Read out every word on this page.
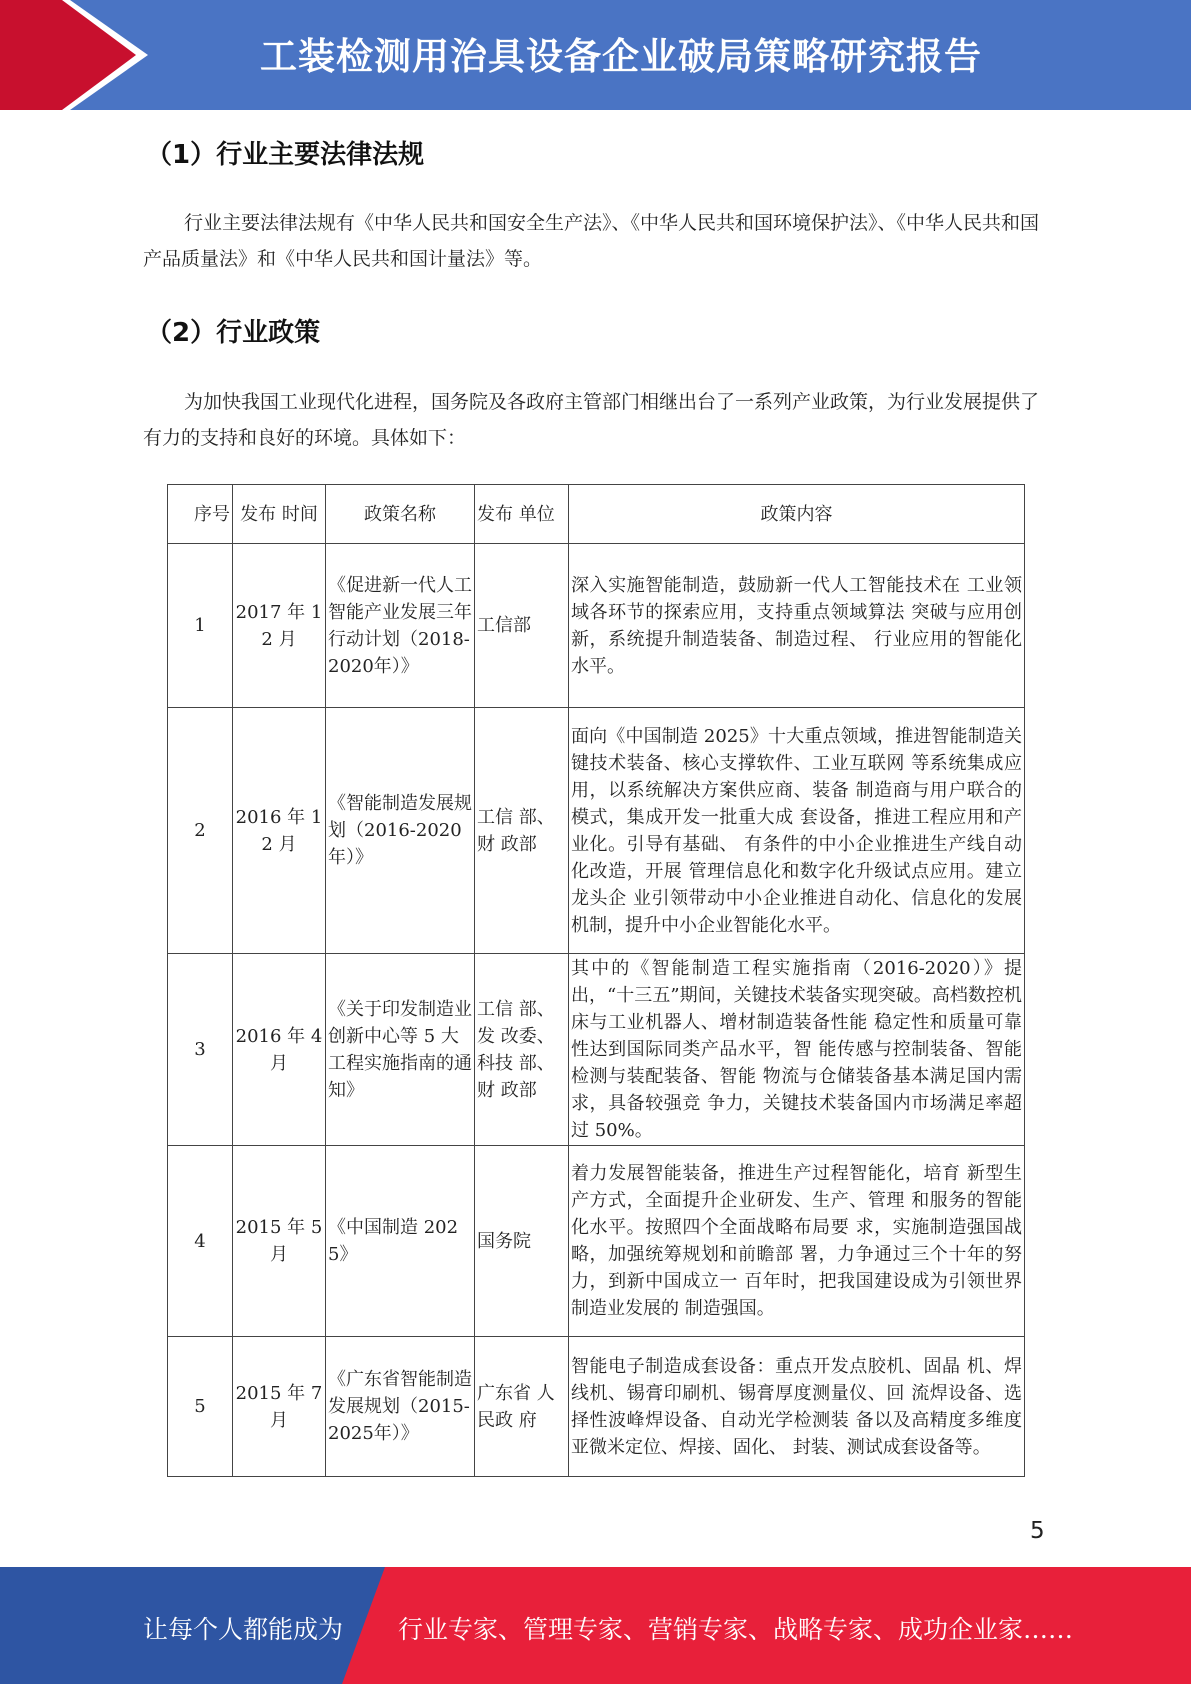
工装检测用治具设备企业破局策略研究报告
（1）行业主要法律法规
行业主要法律法规有《中华人民共和国安全生产法》、《中华人民共和国环境保护法》、《中华人民共和国产品质量法》和《中华人民共和国计量法》等。
（2）行业政策
为加快我国工业现代化进程，国务院及各政府主管部门相继出台了一系列产业政策，为行业发展提供了有力的支持和良好的环境。具体如下：
序号	发布 时间	政策名称	发布 单位	政策内容
1	2017 年 12 月	《促进新一代人工智能产业发展三年行动计划（2018-2020年）》	工信部	深入实施智能制造，鼓励新一代人工智能技术在 工业领域各环节的探索应用，支持重点领域算法 突破与应用创新，系统提升制造装备、制造过程、 行业应用的智能化水平。
2	2016 年 12 月	《智能制造发展规划（2016-2020年）》	工信 部、财 政部	面向《中国制造 2025》十大重点领域，推进智能制造关键技术装备、核心支撑软件、工业互联网 等系统集成应用，以系统解决方案供应商、装备 制造商与用户联合的模式，集成开发一批重大成 套设备，推进工程应用和产业化。引导有基础、 有条件的中小企业推进生产线自动化改造，开展 管理信息化和数字化升级试点应用。建立龙头企 业引领带动中小企业推进自动化、信息化的发展 机制，提升中小企业智能化水平。
3	2016 年 4 月	《关于印发制造业创新中心等 5 大工程实施指南的通知》	工信 部、发 改委、科技 部、财 政部	其中的《智能制造工程实施指南（2016-2020）》提出，“十三五”期间，关键技术装备实现突破。高档数控机床与工业机器人、增材制造装备性能 稳定性和质量可靠性达到国际同类产品水平，智 能传感与控制装备、智能检测与装配装备、智能 物流与仓储装备基本满足国内需求，具备较强竞 争力，关键技术装备国内市场满足率超过 50%。
4	2015 年 5 月	《中国制造 2025》	国务院	着力发展智能装备，推进生产过程智能化，培育 新型生产方式，全面提升企业研发、生产、管理 和服务的智能化水平。按照四个全面战略布局要 求，实施制造强国战略，加强统筹规划和前瞻部 署，力争通过三个十年的努力，到新中国成立一 百年时，把我国建设成为引领世界制造业发展的 制造强国。
5	2015 年 7 月	《广东省智能制造发展规划（2015-2025年）》	广东省 人民政 府	智能电子制造成套设备：重点开发点胶机、固晶 机、焊线机、锡膏印刷机、锡膏厚度测量仪、回 流焊设备、选择性波峰焊设备、自动光学检测装 备以及高精度多维度亚微米定位、焊接、固化、 封装、测试成套设备等。
5
让每个人都能成为 行业专家、管理专家、营销专家、战略专家、成功企业家……
